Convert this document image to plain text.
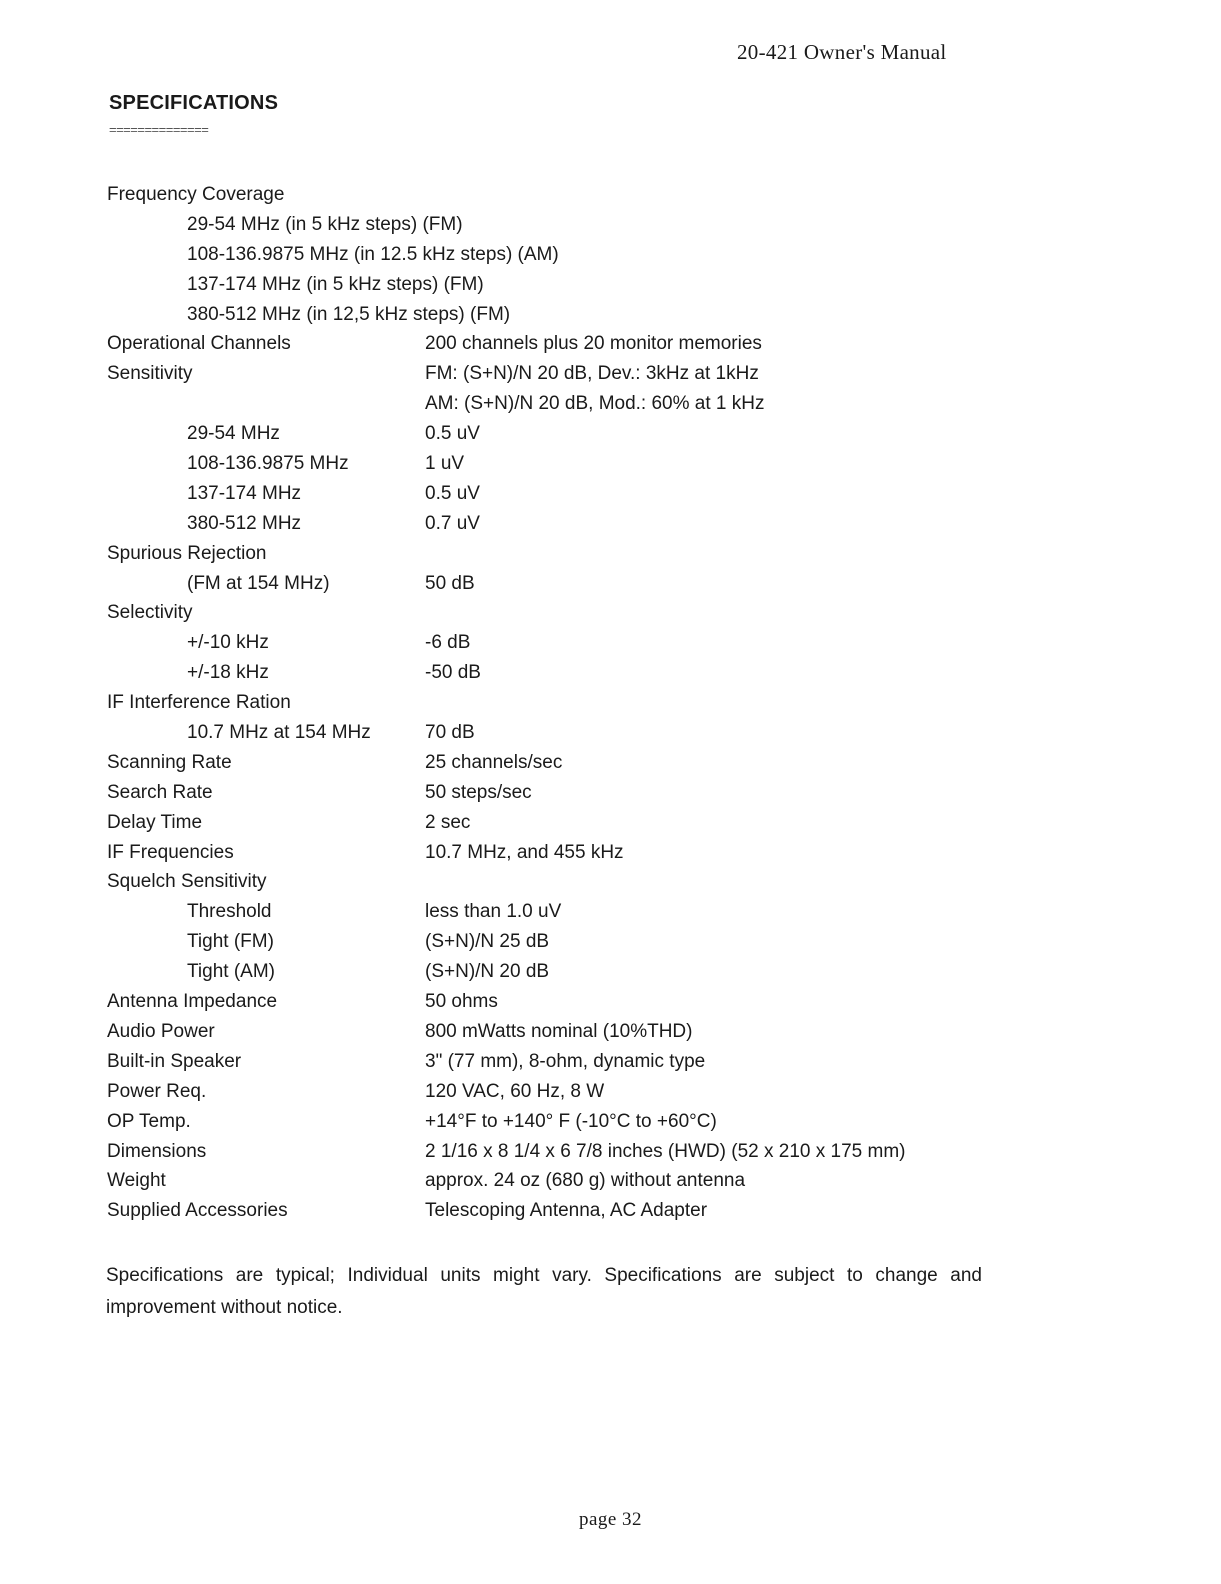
20-421 Owner's Manual
SPECIFICATIONS
==============
Frequency Coverage
29-54 MHz (in 5 kHz steps) (FM)
108-136.9875 MHz (in 12.5 kHz steps) (AM)
137-174 MHz (in 5 kHz steps) (FM)
380-512 MHz (in 12,5 kHz steps) (FM)
Operational Channels	200 channels plus 20 monitor memories
Sensitivity	FM: (S+N)/N 20 dB, Dev.: 3kHz at 1kHz
AM: (S+N)/N 20 dB, Mod.: 60% at 1 kHz
29-54 MHz	0.5 uV
108-136.9875 MHz	1 uV
137-174 MHz	0.5 uV
380-512 MHz	0.7 uV
Spurious Rejection
(FM at 154 MHz)	50 dB
Selectivity
+/-10 kHz	-6 dB
+/-18 kHz	-50 dB
IF Interference Ration
10.7 MHz at 154 MHz	70 dB
Scanning Rate	25 channels/sec
Search Rate	50 steps/sec
Delay Time	2 sec
IF Frequencies	10.7 MHz, and 455 kHz
Squelch Sensitivity
Threshold	less than 1.0 uV
Tight (FM)	(S+N)/N 25 dB
Tight (AM)	(S+N)/N 20 dB
Antenna Impedance	50 ohms
Audio Power	800 mWatts nominal (10%THD)
Built-in Speaker	3" (77 mm), 8-ohm, dynamic type
Power Req.	120 VAC, 60 Hz, 8 W
OP Temp.	+14°F to +140° F (-10°C to +60°C)
Dimensions	2 1/16 x 8 1/4 x 6 7/8 inches (HWD) (52 x 210 x 175 mm)
Weight	approx. 24 oz (680 g) without antenna
Supplied Accessories	Telescoping Antenna, AC Adapter
Specifications are typical; Individual units might vary. Specifications are subject to change and improvement without notice.
page 32
